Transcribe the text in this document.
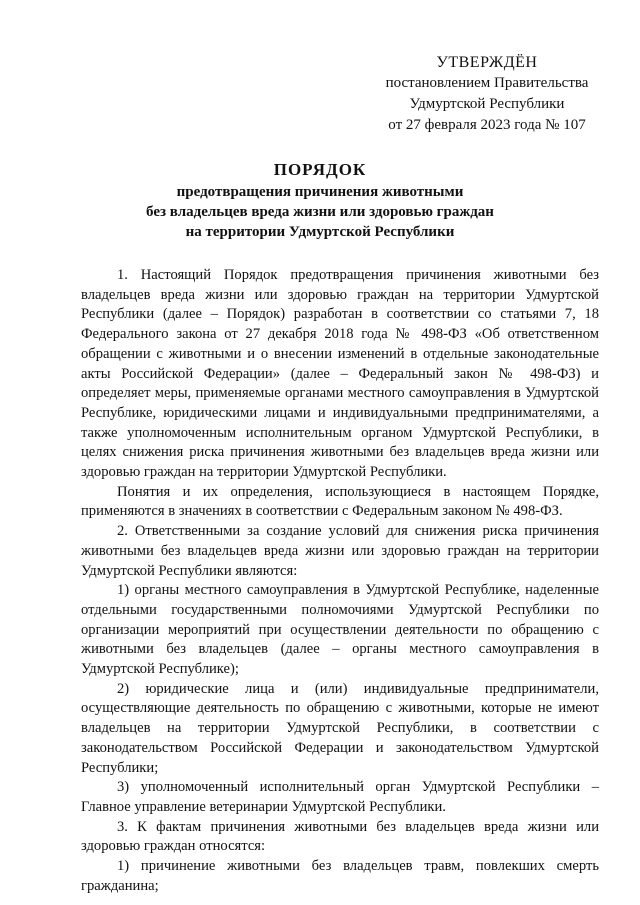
УТВЕРЖДЁН
постановлением Правительства
Удмуртской Республики
от 27 февраля 2023 года № 107
ПОРЯДОК
предотвращения причинения животными
без владельцев вреда жизни или здоровью граждан
на территории Удмуртской Республики

1. Настоящий Порядок предотвращения причинения животными без владельцев вреда жизни или здоровью граждан на территории Удмуртской Республики (далее – Порядок) разработан в соответствии со статьями 7, 18 Федерального закона от 27 декабря 2018 года № 498-ФЗ «Об ответственном обращении с животными и о внесении изменений в отдельные законодательные акты Российской Федерации» (далее – Федеральный закон № 498-ФЗ) и определяет меры, применяемые органами местного самоуправления в Удмуртской Республике, юридическими лицами и индивидуальными предпринимателями, а также уполномоченным исполнительным органом Удмуртской Республики, в целях снижения риска причинения животными без владельцев вреда жизни или здоровью граждан на территории Удмуртской Республики.

Понятия и их определения, использующиеся в настоящем Порядке, применяются в значениях в соответствии с Федеральным законом № 498-ФЗ.

2. Ответственными за создание условий для снижения риска причинения животными без владельцев вреда жизни или здоровью граждан на территории Удмуртской Республики являются:

1) органы местного самоуправления в Удмуртской Республике, наделенные отдельными государственными полномочиями Удмуртской Республики по организации мероприятий при осуществлении деятельности по обращению с животными без владельцев (далее – органы местного самоуправления в Удмуртской Республике);

2) юридические лица и (или) индивидуальные предприниматели, осуществляющие деятельность по обращению с животными, которые не имеют владельцев на территории Удмуртской Республики, в соответствии с законодательством Российской Федерации и законодательством Удмуртской Республики;

3) уполномоченный исполнительный орган Удмуртской Республики – Главное управление ветеринарии Удмуртской Республики.

3. К фактам причинения животными без владельцев вреда жизни или здоровью граждан относятся:

1) причинение животными без владельцев травм, повлекших смерть гражданина;
